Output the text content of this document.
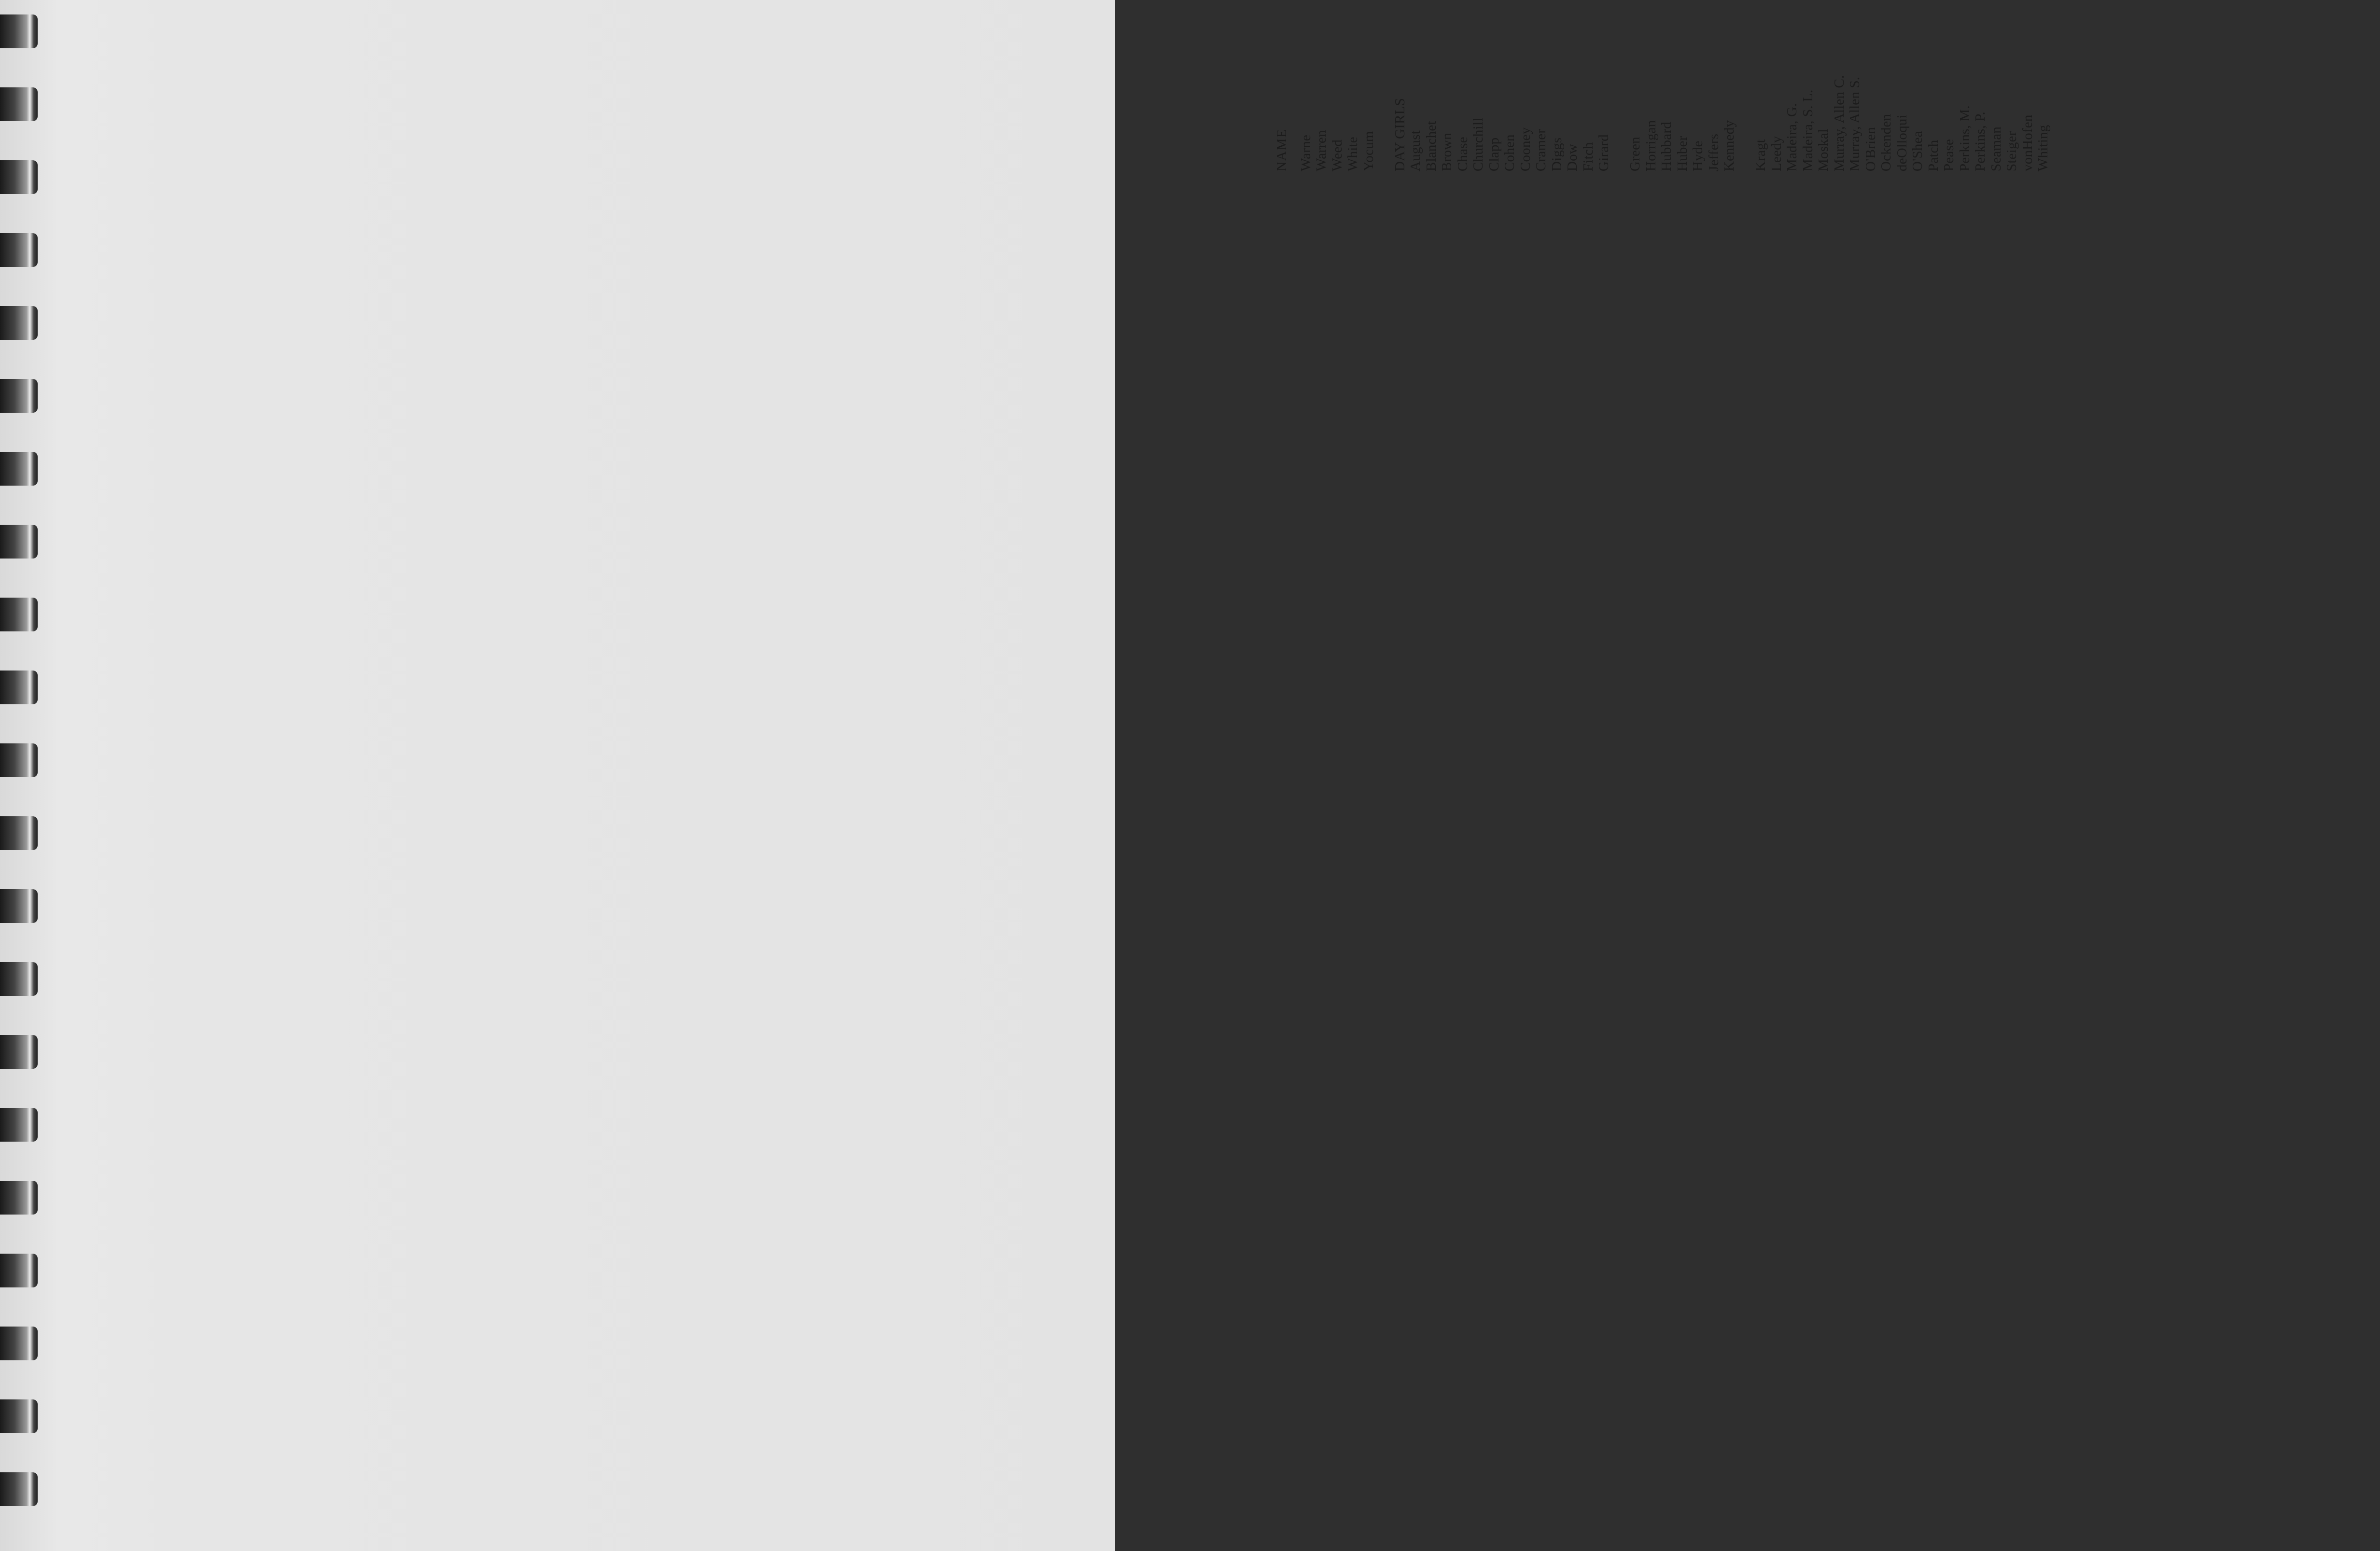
NAME Warne Warren Weed White Yocum DAY GIRLS August Blanchet Brown Chase Churchill Clapp Cohen Cooney Cramer Diggs Dow Fitch Girard Green Horrigan Hubbard Huber Hyde Jeffers Kennedy Kragt Leedy Madeira, G. Madeira, S. L. Moskal Murray, Allen C. Murray, Allen S. O'Brien Ockenden deOlloqui O'Shea Patch Pease Perkins, M. Perkins, P. Seaman Steiger vonHofen Whiting
